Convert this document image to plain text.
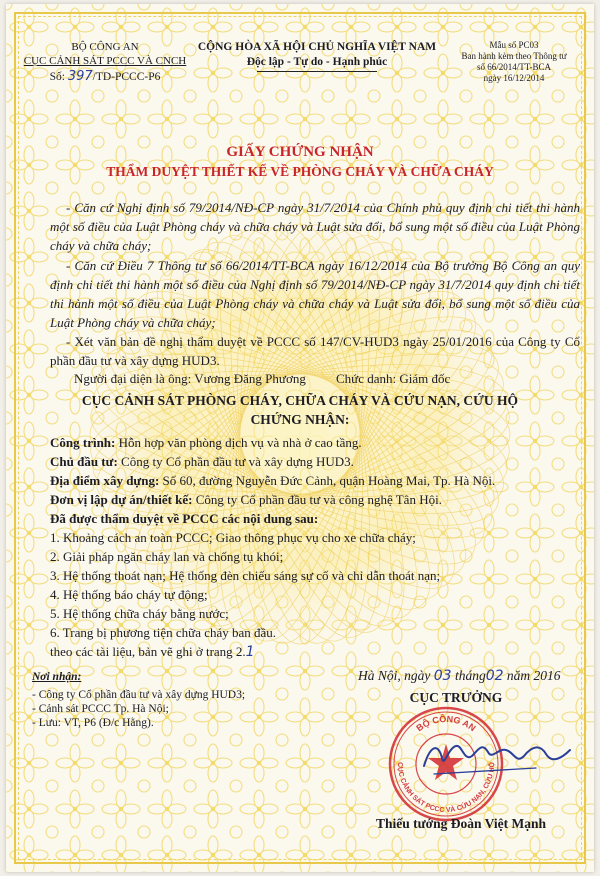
BỘ CÔNG AN
CỤC CẢNH SÁT PCCC VÀ CNCH
Số: 397/TD-PCCC-P6
CỘNG HÒA XÃ HỘI CHỦ NGHĨA VIỆT NAM
Độc lập - Tự do - Hạnh phúc
Mẫu số PC03
Ban hành kèm theo Thông tư
số 66/2014/TT-BCA
ngày 16/12/2014
GIẤY CHỨNG NHẬN
THẨM DUYỆT THIẾT KẾ VỀ PHÒNG CHÁY VÀ CHỮA CHÁY
- Căn cứ Nghị định số 79/2014/NĐ-CP ngày 31/7/2014 của Chính phủ quy định chi tiết thi hành một số điều của Luật Phòng cháy và chữa cháy và Luật sửa đổi, bổ sung một số điều của Luật Phòng cháy và chữa cháy;
- Căn cứ Điều 7 Thông tư số 66/2014/TT-BCA ngày 16/12/2014 của Bộ trưởng Bộ Công an quy định chi tiết thi hành một số điều của Nghị định số 79/2014/NĐ-CP ngày 31/7/2014 quy định chi tiết thi hành một số điều của Luật Phòng cháy và chữa cháy và Luật sửa đổi, bổ sung một số điều của Luật Phòng cháy và chữa cháy;
- Xét văn bản đề nghị thẩm duyệt về PCCC số 147/CV-HUD3 ngày 25/01/2016 của Công ty Cổ phần đầu tư và xây dựng HUD3.
Người đại diện là ông: Vương Đăng Phương Chức danh: Giám đốc
CỤC CẢNH SÁT PHÒNG CHÁY, CHỮA CHÁY VÀ CỨU NẠN, CỨU HỘ
CHỨNG NHẬN:
Công trình: Hỗn hợp văn phòng dịch vụ và nhà ở cao tầng.
Chủ đầu tư: Công ty Cổ phần đầu tư và xây dựng HUD3.
Địa điểm xây dựng: Số 60, đường Nguyễn Đức Cảnh, quận Hoàng Mai, Tp. Hà Nội.
Đơn vị lập dự án/thiết kế: Công ty Cổ phần đầu tư và công nghệ Tân Hội.
Đã được thẩm duyệt về PCCC các nội dung sau:
1. Khoảng cách an toàn PCCC; Giao thông phục vụ cho xe chữa cháy;
2. Giải pháp ngăn cháy lan và chống tụ khói;
3. Hệ thống thoát nạn; Hệ thống đèn chiếu sáng sự cố và chỉ dẫn thoát nạn;
4. Hệ thống báo cháy tự động;
5. Hệ thống chữa cháy bằng nước;
6. Trang bị phương tiện chữa cháy ban đầu.
theo các tài liệu, bản vẽ ghi ở trang 2.1
Hà Nội, ngày 03 tháng02 năm 2016
Nơi nhận:
- Công ty Cổ phần đầu tư và xây dựng HUD3;
- Cảnh sát PCCC Tp. Hà Nội;
- Lưu: VT, P6 (Đ/c Hằng).
CỤC TRƯỞNG
BỘ CÔNG AN
CỤC CẢNH SÁT PCCC VÀ CỨU NẠN, CỨU HỘ
Thiếu tướng Đoàn Việt Mạnh
